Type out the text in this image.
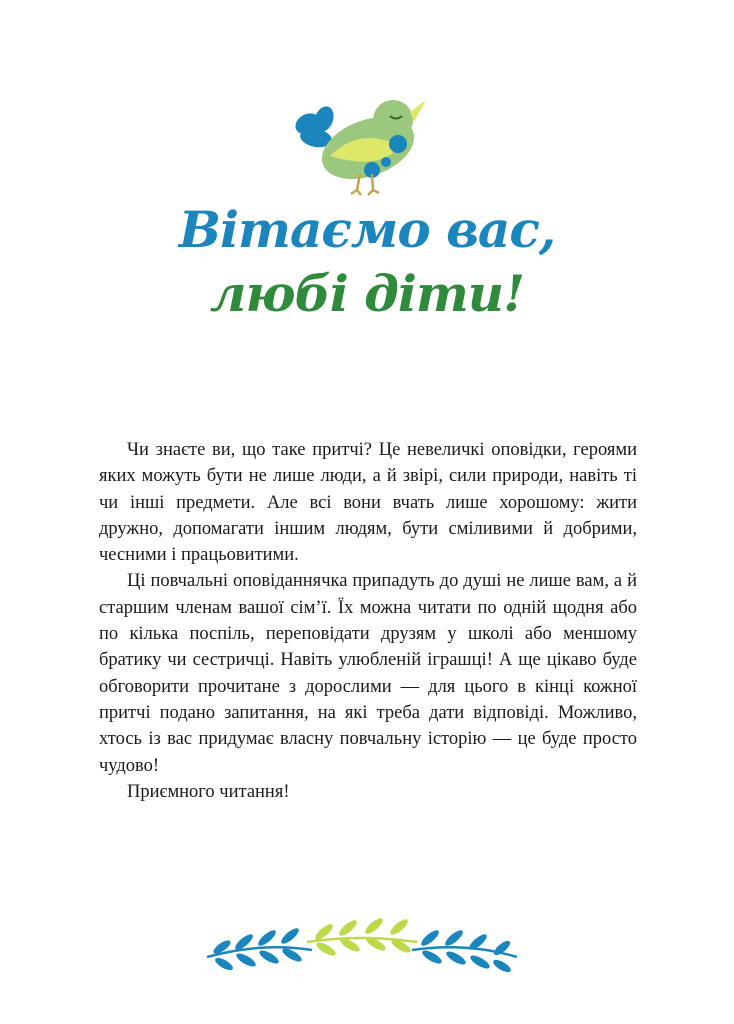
Вітаємо вас,
любі діти!

Чи знаєте ви, що таке притчі? Це невеличкі оповідки, героями яких можуть бути не лише люди, а й звірі, сили природи, навіть ті чи інші предмети. Але всі вони вчать лише хорошому: жити дружно, допомагати іншим людям, бути сміливими й добрими, чесними і працьовитими.

Ці повчальні оповіданнячка припадуть до душі не лише вам, а й старшим членам вашої сім’ї. Їх можна читати по одній щодня або по кілька поспіль, переповідати друзям у школі або меншому братику чи сестричці. Навіть улюбленій іграшці! А ще цікаво буде обговорити прочитане з дорослими — для цього в кінці кожної притчі подано запитання, на які треба дати відповіді. Можливо, хтось із вас придумає власну повчальну історію — це буде просто чудово!

Приємного читання!
